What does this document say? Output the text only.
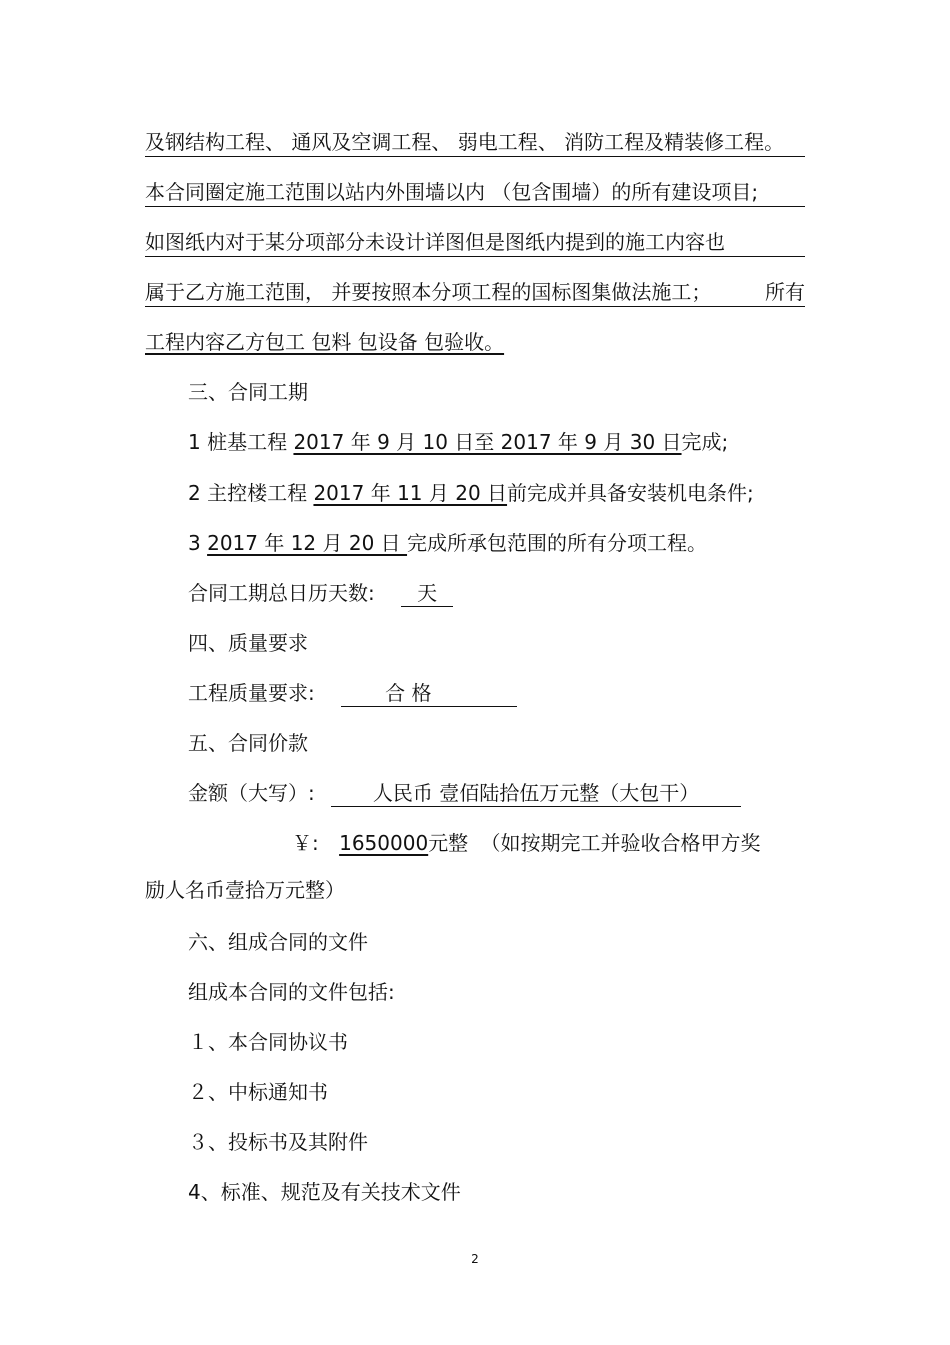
及钢结构工程、 通风及空调工程、 弱电工程、 消防工程及精装修工程。
本合同圈定施工范围以站内外围墙以内 （包含围墙）的所有建设项目;
如图纸内对于某分项部分未设计详图但是图纸内提到的施工内容也
属于乙方施工范围， 并要按照本分项工程的国标图集做法施工；	所有
工程内容乙方包工 包料 包设备 包验收。
三、合同工期
1 桩基工程 2017 年 9 月 10 日至 2017 年 9 月 30 日完成;
2 主控楼工程 2017 年 11 月 20 日前完成并具备安装机电条件;
3 2017 年 12 月 20 日 完成所承包范围的所有分项工程。
合同工期总日历天数: 天
四、质量要求
工程质量要求:	合 格
五、合同价款
金额（大写）:	人民币 壹佰陆拾伍万元整（大包干）
￥: 1650000元整 （如按期完工并验收合格甲方奖
励人名币壹拾万元整）
六、组成合同的文件
组成本合同的文件包括:
１、本合同协议书
２、中标通知书
３、投标书及其附件
4、标准、规范及有关技术文件
2
